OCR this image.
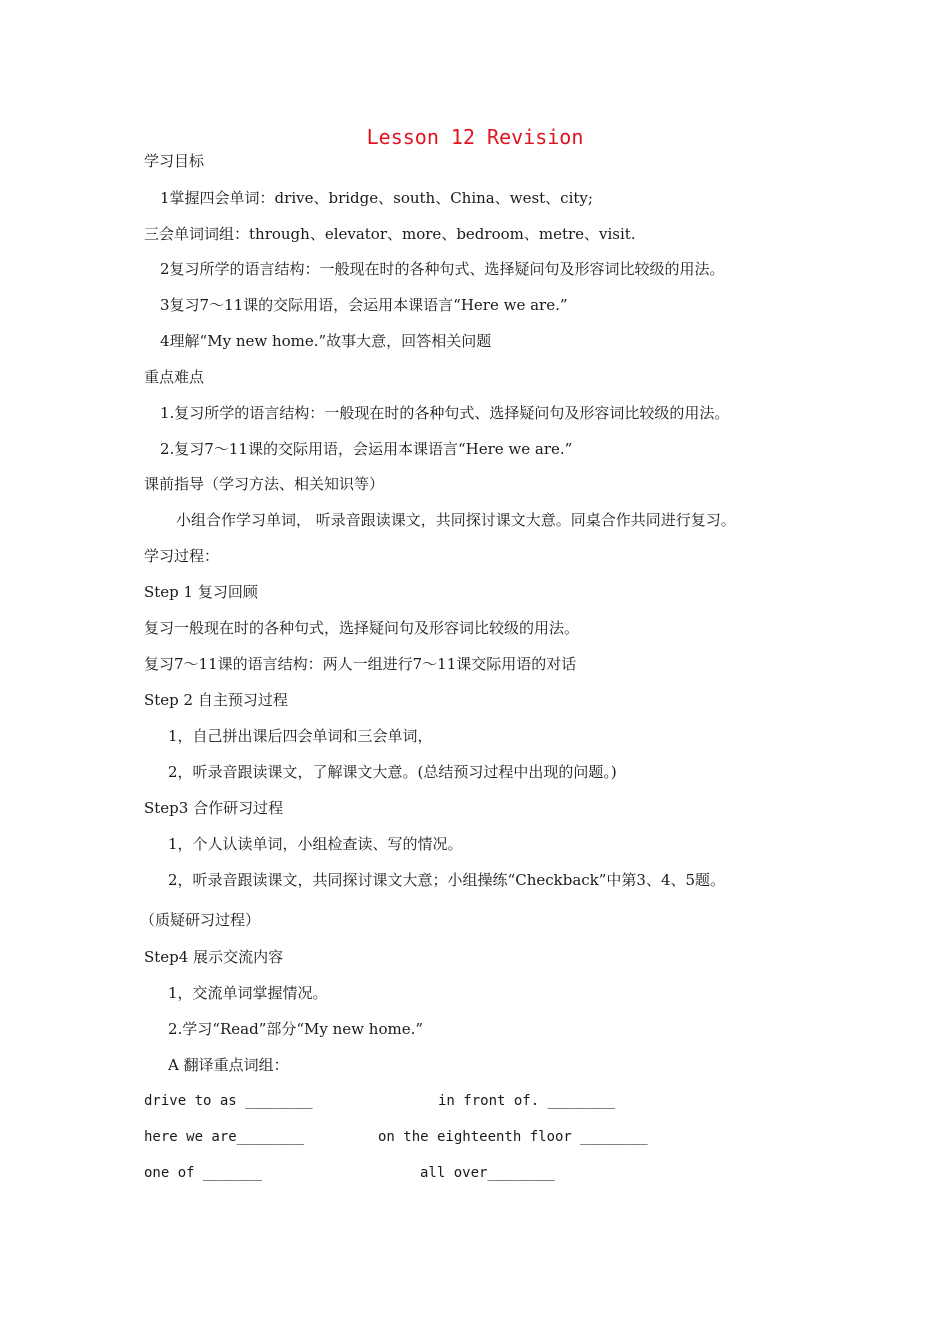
Lesson 12 Revision
学习目标
1掌握四会单词：drive、bridge、south、China、west、city;
三会单词词组：through、elevator、more、bedroom、metre、visit.
2复习所学的语言结构：一般现在时的各种句式、选择疑问句及形容词比较级的用法。
3复习7～11课的交际用语，会运用本课语言“Here we are.”
4理解“My new home.”故事大意，回答相关问题
重点难点
1.复习所学的语言结构：一般现在时的各种句式、选择疑问句及形容词比较级的用法。
2.复习7～11课的交际用语，会运用本课语言“Here we are.”
课前指导（学习方法、相关知识等）
小组合作学习单词， 听录音跟读课文，共同探讨课文大意。同桌合作共同进行复习。
学习过程：
Step 1 复习回顾
复习一般现在时的各种句式，选择疑问句及形容词比较级的用法。
复习7～11课的语言结构：两人一组进行7～11课交际用语的对话
Step 2 自主预习过程
1，自己拼出课后四会单词和三会单词，
2，听录音跟读课文，了解课文大意。(总结预习过程中出现的问题。)
Step3 合作研习过程
1，个人认读单词，小组检查读、写的情况。
2，听录音跟读课文，共同探讨课文大意；小组操练“Checkback”中第3、4、5题。
（质疑研习过程）
Step4 展示交流内容
1，交流单词掌握情况。
2.学习“Read”部分“My new home.”
A 翻译重点词组：
drive to as ________	in front of. ________
here we are________	on the eighteenth floor ________
one of _______	all over________
